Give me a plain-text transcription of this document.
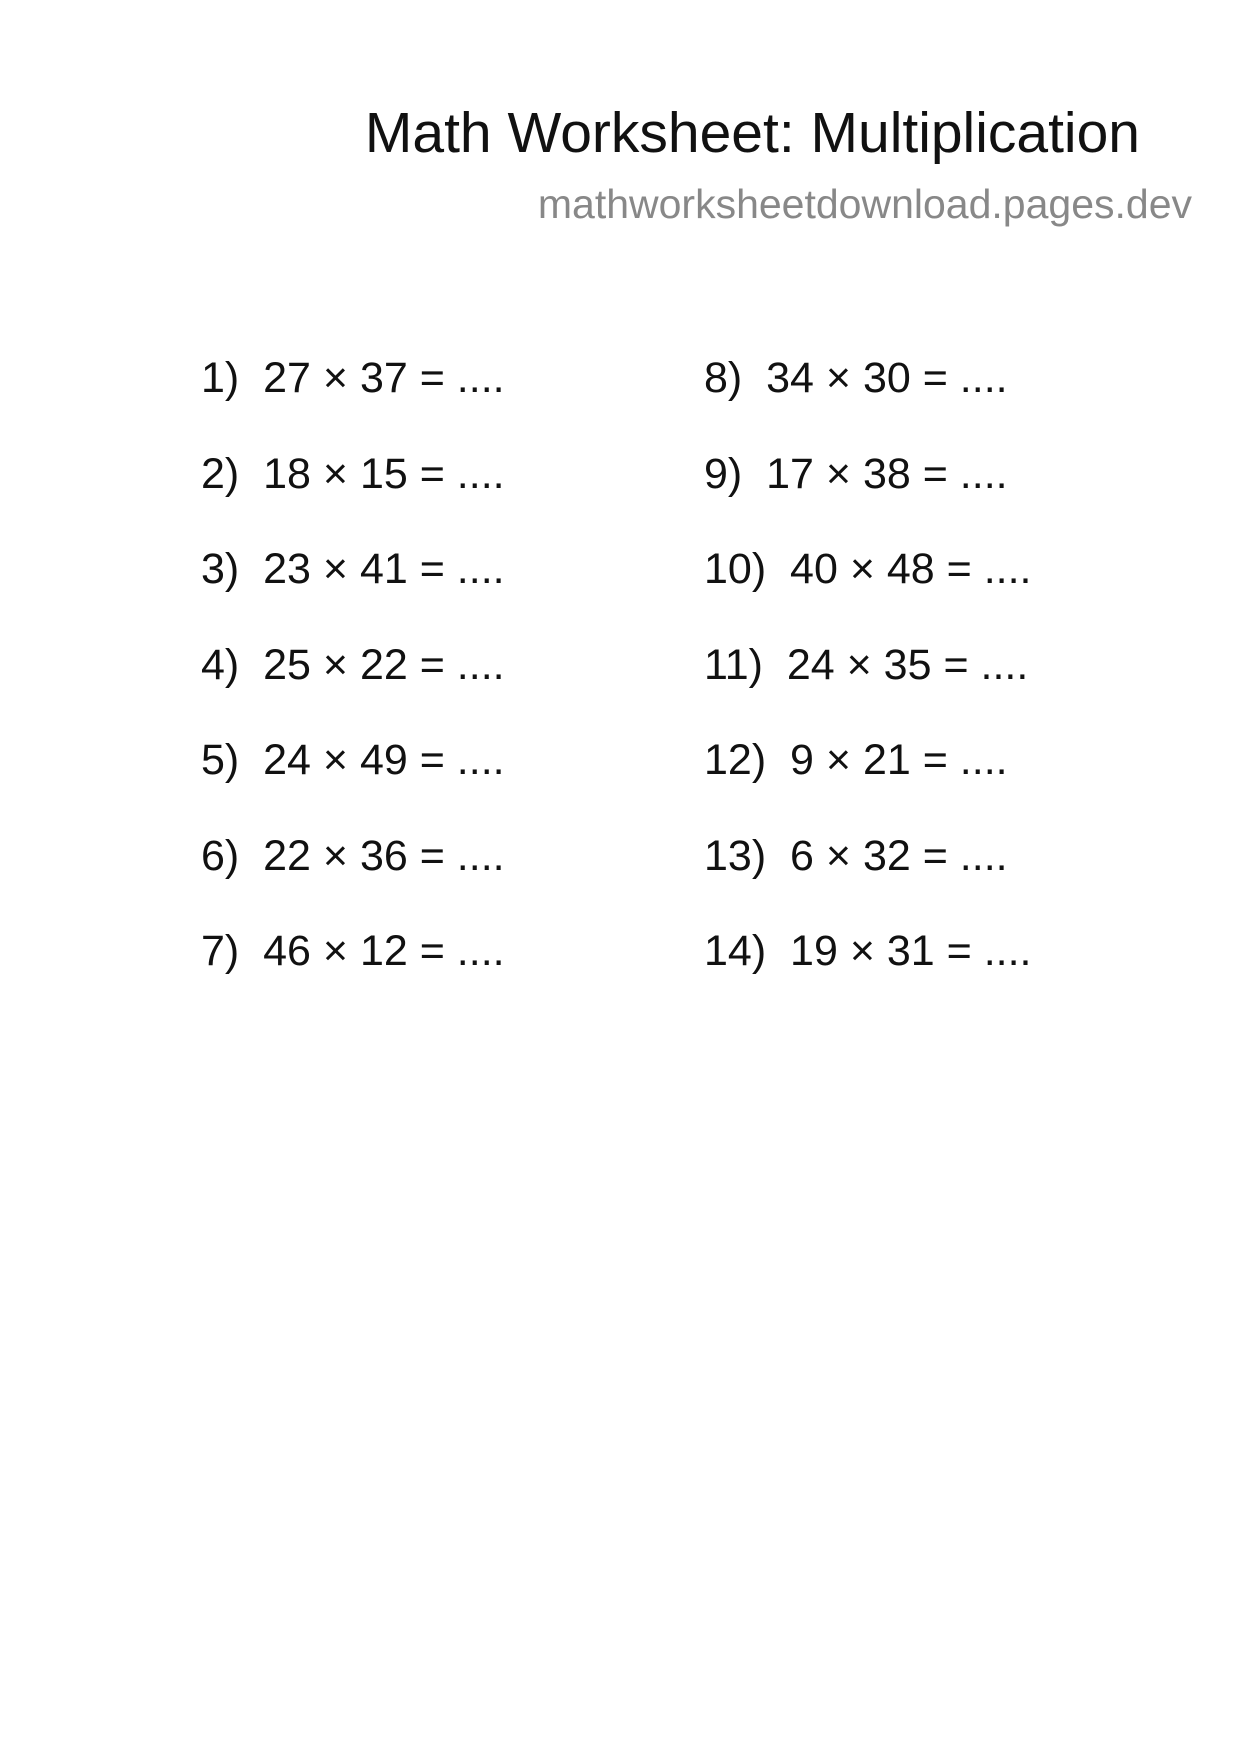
Math Worksheet: Multiplication
mathworksheetdownload.pages.dev
1)  27 × 37 = ....
2)  18 × 15 = ....
3)  23 × 41 = ....
4)  25 × 22 = ....
5)  24 × 49 = ....
6)  22 × 36 = ....
7)  46 × 12 = ....
8)  34 × 30 = ....
9)  17 × 38 = ....
10)  40 × 48 = ....
11)  24 × 35 = ....
12)  9 × 21 = ....
13)  6 × 32 = ....
14)  19 × 31 = ....
